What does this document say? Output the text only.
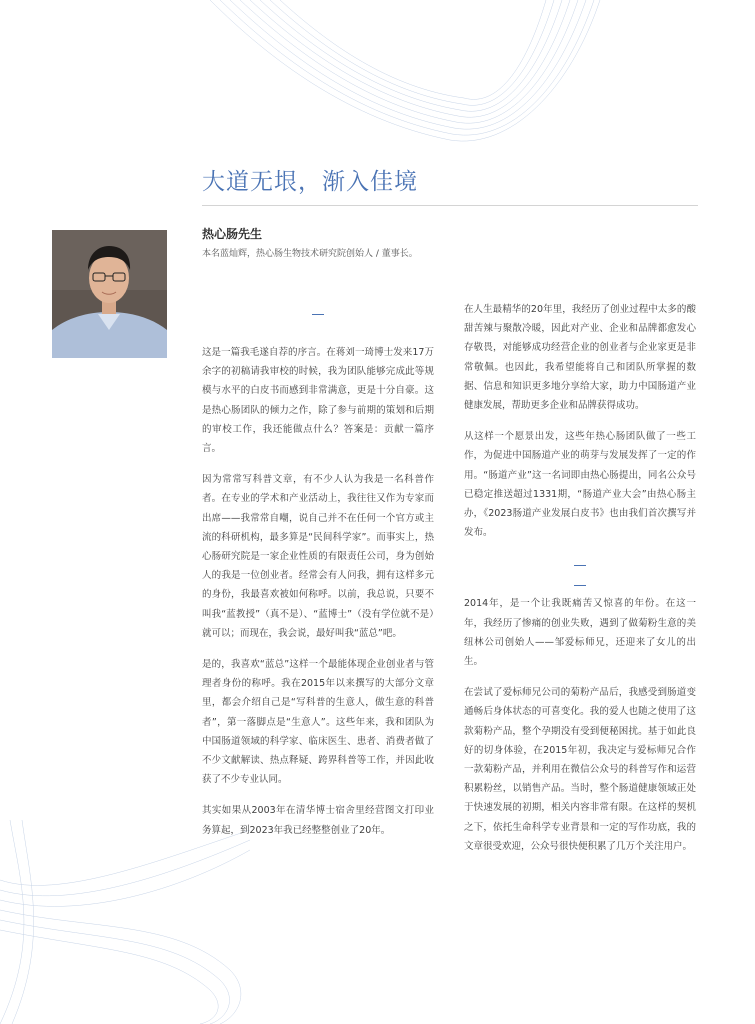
大道无垠，渐入佳境
热心肠先生
本名蓝灿辉，热心肠生物技术研究院创始人 / 董事长。

这是一篇我毛遂自荐的序言。在蒋刘一琦博士发来17万余字的初稿请我审校的时候，我为团队能够完成此等规模与水平的白皮书而感到非常满意，更是十分自豪。这是热心肠团队的倾力之作，除了参与前期的策划和后期的审校工作，我还能做点什么？答案是：贡献一篇序言。

因为常常写科普文章，有不少人认为我是一名科普作者。在专业的学术和产业活动上，我往往又作为专家而出席——我常常自嘲，说自己并不在任何一个官方或主流的科研机构，最多算是“民间科学家”。而事实上，热心肠研究院是一家企业性质的有限责任公司，身为创始人的我是一位创业者。经常会有人问我，拥有这样多元的身份，我最喜欢被如何称呼。以前，我总说，只要不叫我“蓝教授”（真不是）、“蓝博士”（没有学位就不是）就可以；而现在，我会说，最好叫我“蓝总”吧。

是的，我喜欢“蓝总”这样一个最能体现企业创业者与管理者身份的称呼。我在2015年以来撰写的大部分文章里，都会介绍自己是“写科普的生意人，做生意的科普者”，第一落脚点是“生意人”。这些年来，我和团队为中国肠道领域的科学家、临床医生、患者、消费者做了不少文献解读、热点释疑、跨界科普等工作，并因此收获了不少专业认同。

其实如果从2003年在清华博士宿舍里经营图文打印业务算起，到2023年我已经整整创业了20年。

在人生最精华的20年里，我经历了创业过程中太多的酸甜苦辣与聚散冷暖，因此对产业、企业和品牌都愈发心存敬畏，对能够成功经营企业的创业者与企业家更是非常敬佩。也因此，我希望能将自己和团队所掌握的数据、信息和知识更多地分享给大家，助力中国肠道产业健康发展，帮助更多企业和品牌获得成功。

从这样一个愿景出发，这些年热心肠团队做了一些工作，为促进中国肠道产业的萌芽与发展发挥了一定的作用。“肠道产业”这一名词即由热心肠提出，同名公众号已稳定推送超过1331期，“肠道产业大会”由热心肠主办，《2023肠道产业发展白皮书》也由我们首次撰写并发布。

2014年，是一个让我既痛苦又惊喜的年份。在这一年，我经历了惨痛的创业失败，遇到了做菊粉生意的美纽林公司创始人——邹爱标师兄，还迎来了女儿的出生。

在尝试了爱标师兄公司的菊粉产品后，我感受到肠道变通畅后身体状态的可喜变化。我的爱人也随之使用了这款菊粉产品，整个孕期没有受到便秘困扰。基于如此良好的切身体验，在2015年初，我决定与爱标师兄合作一款菊粉产品，并利用在微信公众号的科普写作和运营积累粉丝，以销售产品。当时，整个肠道健康领域正处于快速发展的初期，相关内容非常有限。在这样的契机之下，依托生命科学专业背景和一定的写作功底，我的文章很受欢迎，公众号很快便积累了几万个关注用户。
